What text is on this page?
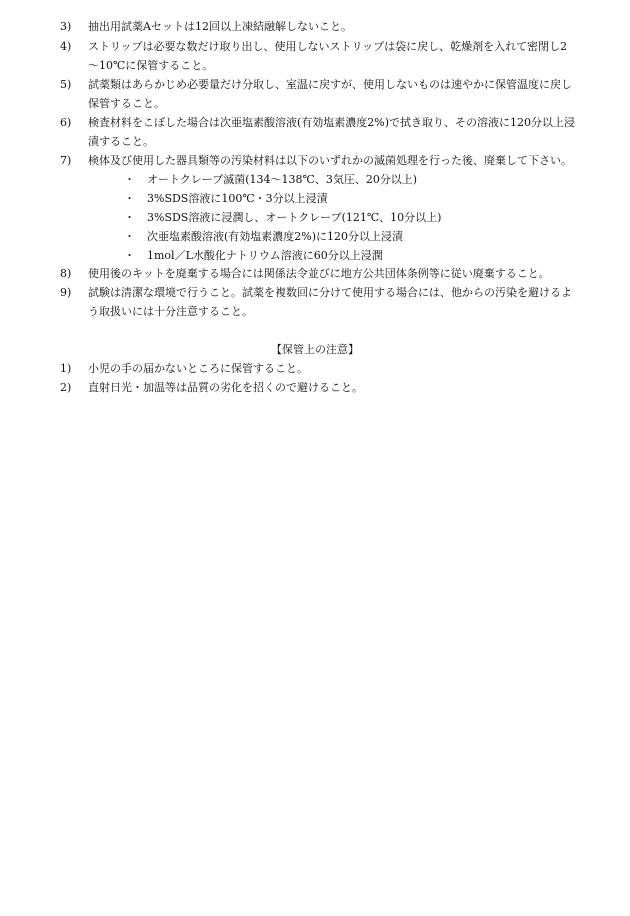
3)	抽出用試薬Aセットは12回以上凍結融解しないこと。
4)	ストリップは必要な数だけ取り出し、使用しないストリップは袋に戻し、乾燥剤を入れて密閉し2
〜10℃に保管すること。
5)	試薬類はあらかじめ必要量だけ分取し、室温に戻すが、使用しないものは速やかに保管温度に戻し
保管すること。
6)	検査材料をこぼした場合は次亜塩素酸溶液(有効塩素濃度2%)で拭き取り、その溶液に120分以上浸
漬すること。
7)	検体及び使用した器具類等の汚染材料は以下のいずれかの滅菌処理を行った後、廃棄して下さい。
・ オートクレーブ滅菌(134〜138℃、3気圧、20分以上)
・ 3%SDS溶液に100℃・3分以上浸漬
・ 3%SDS溶液に浸潤し、オートクレーブ(121℃、10分以上)
・ 次亜塩素酸溶液(有効塩素濃度2%)に120分以上浸漬
・ 1mol／L水酸化ナトリウム溶液に60分以上浸潤
8)	使用後のキットを廃棄する場合には関係法令並びに地方公共団体条例等に従い廃棄すること。
9)	試験は清潔な環境で行うこと。試薬を複数回に分けて使用する場合には、他からの汚染を避けるよ
う取扱いには十分注意すること。
【保管上の注意】
1)	小児の手の届かないところに保管すること。
2)	直射日光・加温等は品質の劣化を招くので避けること。
